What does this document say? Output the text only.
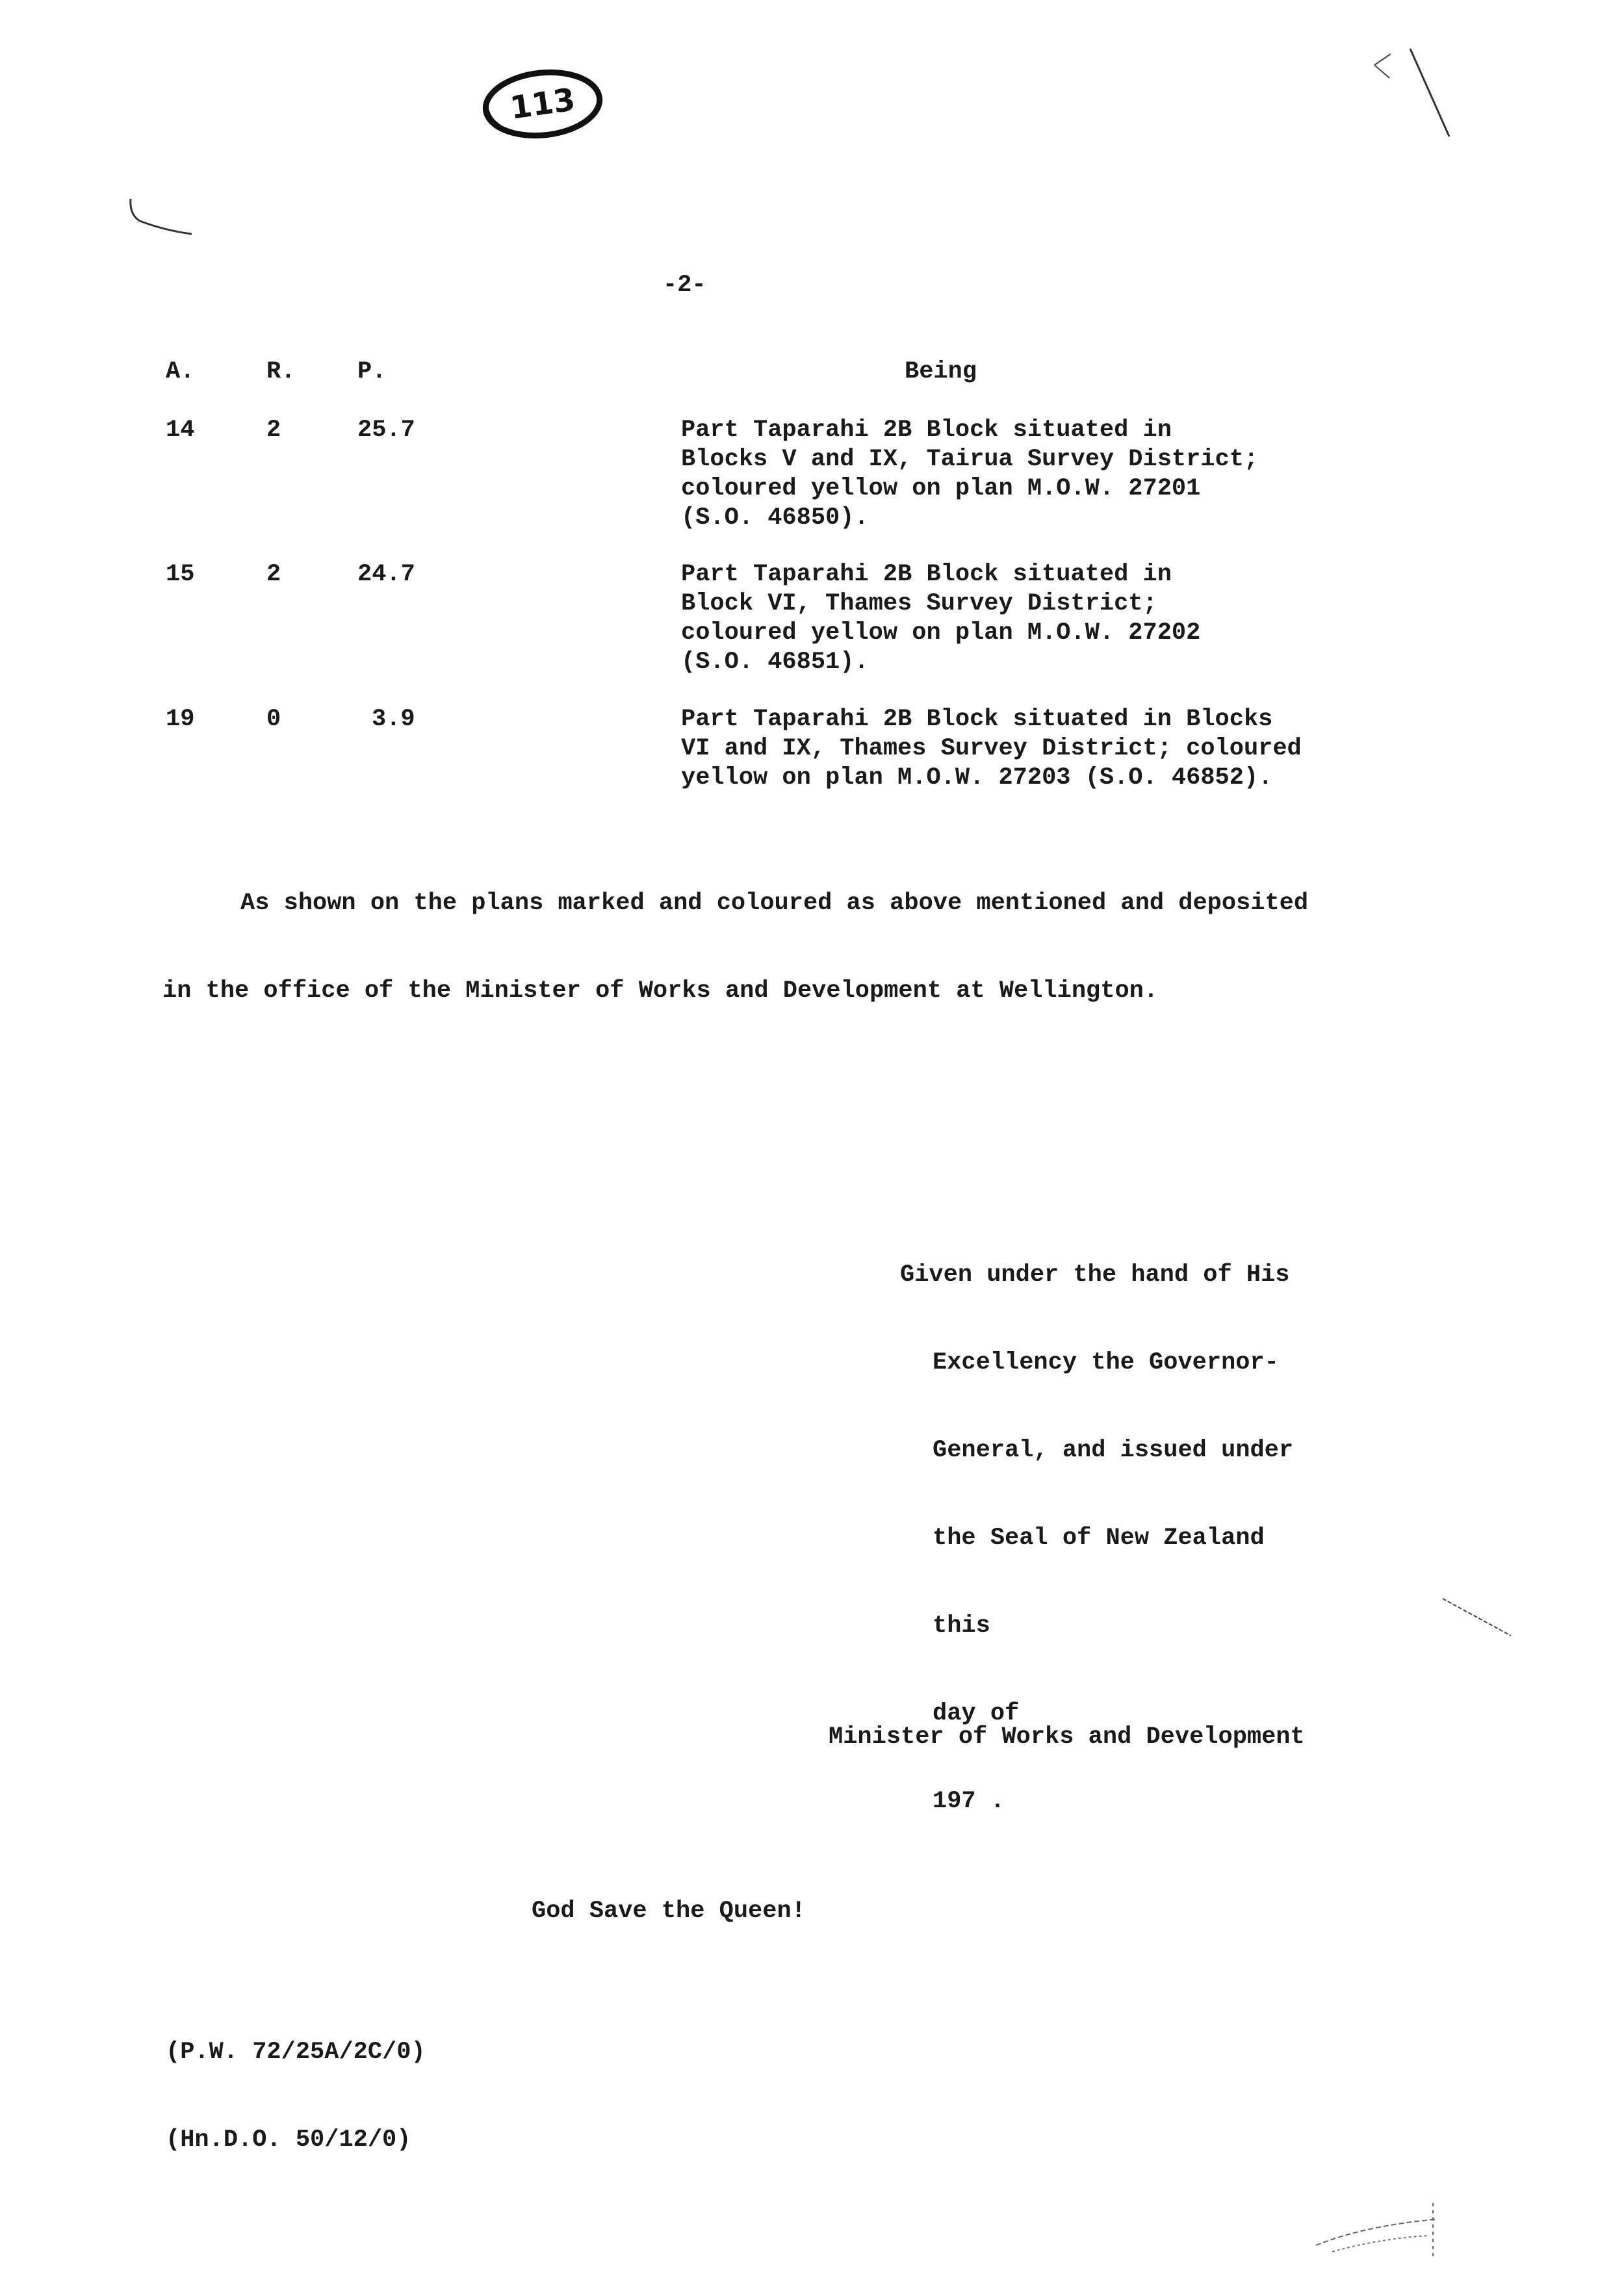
113
-2-
A.	R.	P.	Being
14	2	25.7	Part Taparahi 2B Block situated in
Blocks V and IX, Tairua Survey District;
coloured yellow on plan M.O.W. 27201
(S.O. 46850).
15	2	24.7	Part Taparahi 2B Block situated in
Block VI, Thames Survey District;
coloured yellow on plan M.O.W. 27202
(S.O. 46851).
19	0	3.9	Part Taparahi 2B Block situated in Blocks
VI and IX, Thames Survey District; coloured
yellow on plan M.O.W. 27203 (S.O. 46852).

As shown on the plans marked and coloured as above mentioned and deposited

in the office of the Minister of Works and Development at Wellington.

Given under the hand of His

Excellency the Governor-

General, and issued under

the Seal of New Zealand

this

day of

197 .

Minister of Works and Development
God Save the Queen!

(P.W. 72/25A/2C/0)

(Hn.D.O. 50/12/0)
